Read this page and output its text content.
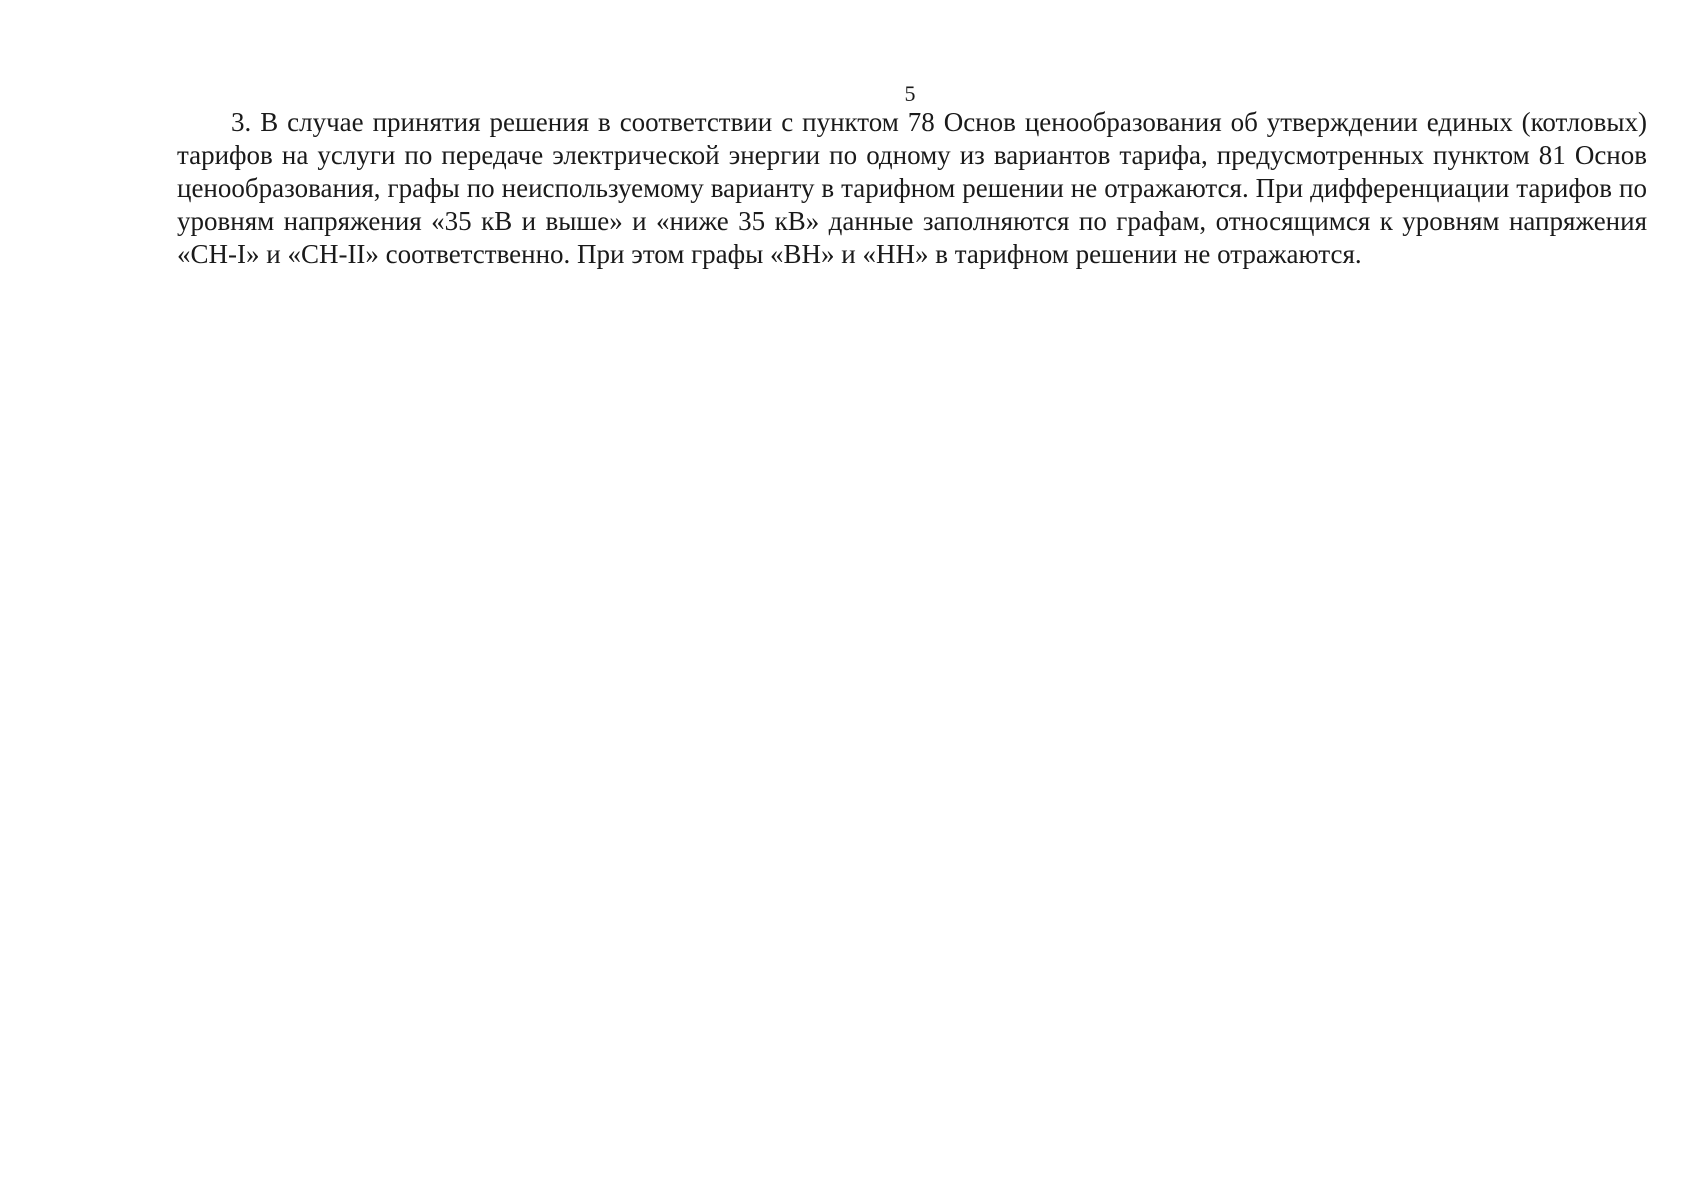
5

3. В случае принятия решения в соответствии с пунктом 78 Основ ценообразования об утверждении единых (котловых) тарифов на услуги по передаче электрической энергии по одному из вариантов тарифа, предусмотренных пунктом 81 Основ ценообразования, графы по неиспользуемому варианту в тарифном решении не отражаются. При дифференциации тарифов по уровням напряжения «35 кВ и выше» и «ниже 35 кВ» данные заполняются по графам, относящимся к уровням напряжения «СН-I» и «СН-II» соответственно. При этом графы «ВН» и «НН» в тарифном решении не отражаются.
